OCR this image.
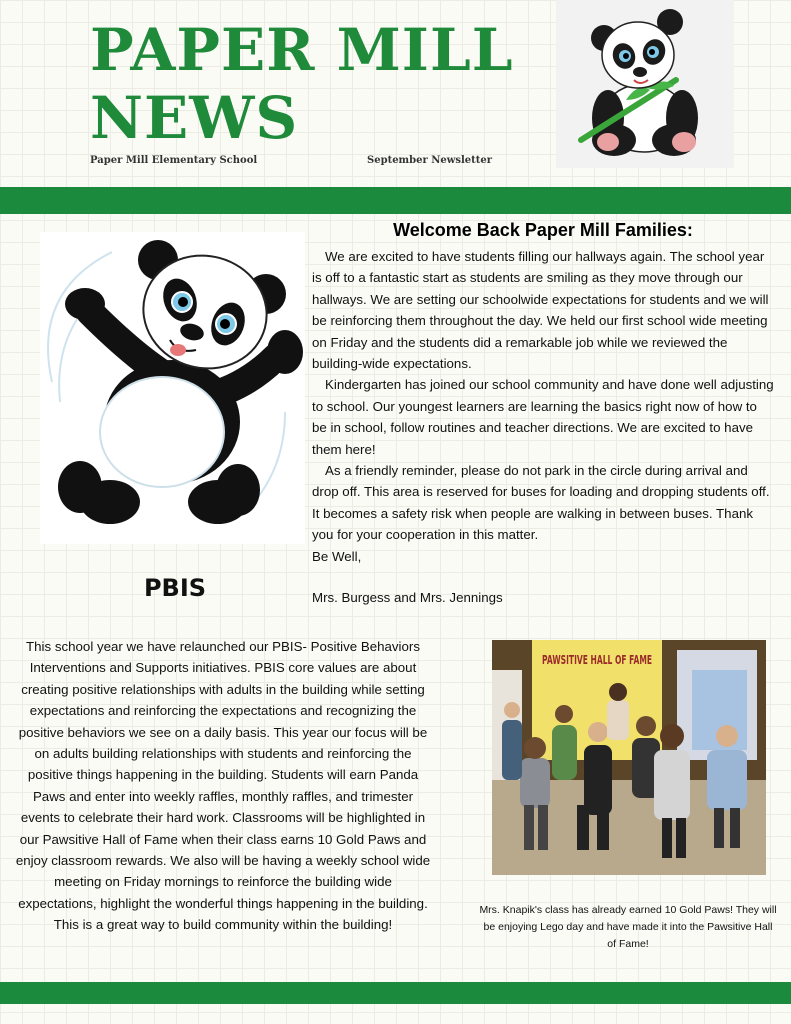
PAPER MILL
NEWS
Paper Mill Elementary School	September Newsletter
Welcome Back Paper Mill Families:

We are excited to have students filling our hallways again. The school year is off to a fantastic start as students are smiling as they move through our hallways. We are setting our schoolwide expectations for students and we will be reinforcing them throughout the day. We held our first school wide meeting on Friday and the students did a remarkable job while we reviewed the building-wide expectations.

Kindergarten has joined our school community and have done well adjusting to school. Our youngest learners are learning the basics right now of how to be in school, follow routines and teacher directions. We are excited to have them here!

As a friendly reminder, please do not park in the circle during arrival and drop off. This area is reserved for buses for loading and dropping students off. It becomes a safety risk when people are walking in between buses. Thank you for your cooperation in this matter.

Be Well,

Mrs. Burgess and Mrs. Jennings
PBIS

This school year we have relaunched our PBIS- Positive Behaviors Interventions and Supports initiatives. PBIS core values are about creating positive relationships with adults in the building while setting expectations and reinforcing the expectations and recognizing the positive behaviors we see on a daily basis. This year our focus will be on adults building relationships with students and reinforcing the positive things happening in the building. Students will earn Panda Paws and enter into weekly raffles, monthly raffles, and trimester events to celebrate their hard work. Classrooms will be highlighted in our Pawsitive Hall of Fame when their class earns 10 Gold Paws and enjoy classroom rewards. We also will be having a weekly school wide meeting on Friday mornings to reinforce the building wide expectations, highlight the wonderful things happening in the building. This is a great way to build community within the building!

PAWSITIVE HALL OF FAME

Mrs. Knapik's class has already earned 10 Gold Paws! They will be enjoying Lego day and have made it into the Pawsitive Hall of Fame!
